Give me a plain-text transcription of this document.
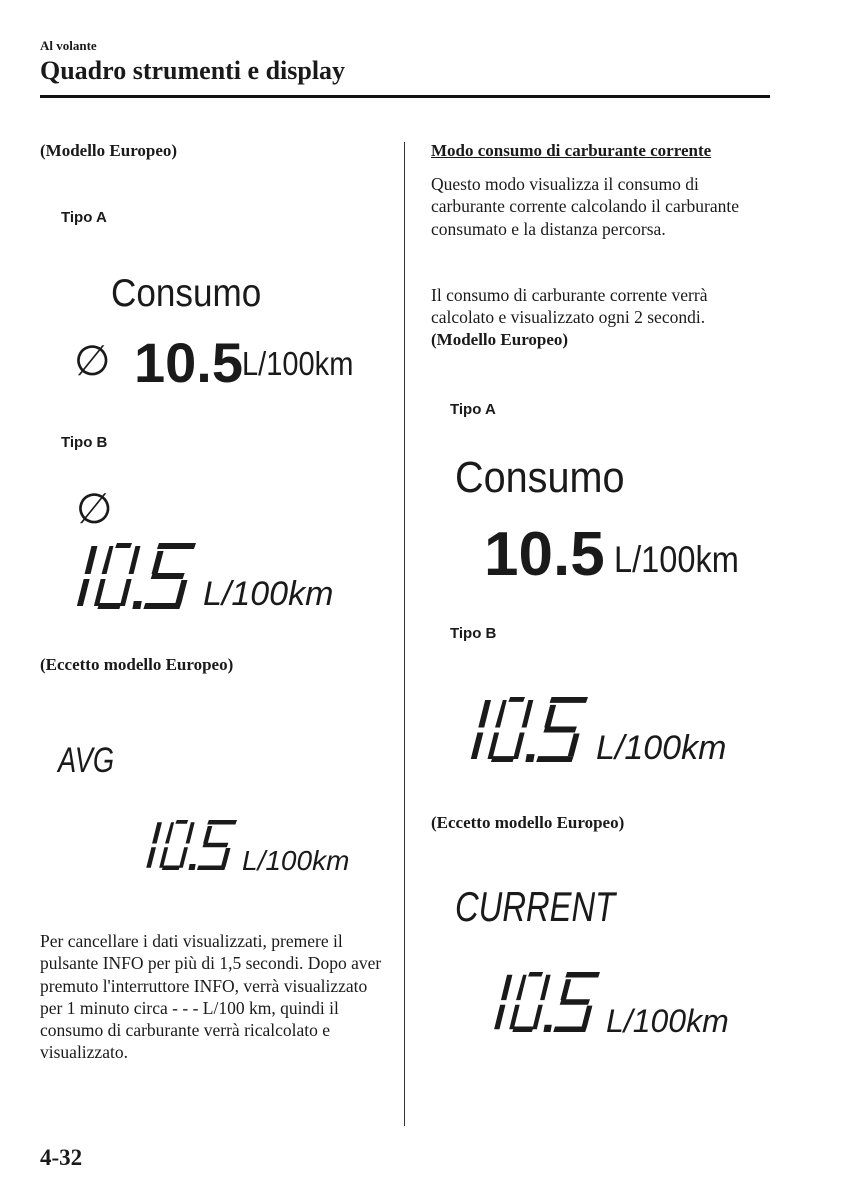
Al volante
Quadro strumenti e display
(Modello Europeo)
Tipo A
Consumo
∅ 10.5 L/100km
Tipo B
∅
L/100km
(Eccetto modello Europeo)
AVG
L/100km
Per cancellare i dati visualizzati, premere il pulsante INFO per più di 1,5 secondi. Dopo aver premuto l'interruttore INFO, verrà visualizzato per 1 minuto circa - - - L/100 km, quindi il consumo di carburante verrà ricalcolato e visualizzato.
Modo consumo di carburante corrente
Questo modo visualizza il consumo di carburante corrente calcolando il carburante consumato e la distanza percorsa.
Il consumo di carburante corrente verrà calcolato e visualizzato ogni 2 secondi.
(Modello Europeo)
Tipo A
Consumo
10.5 L/100km
Tipo B
L/100km
(Eccetto modello Europeo)
CURRENT
L/100km
4-32
